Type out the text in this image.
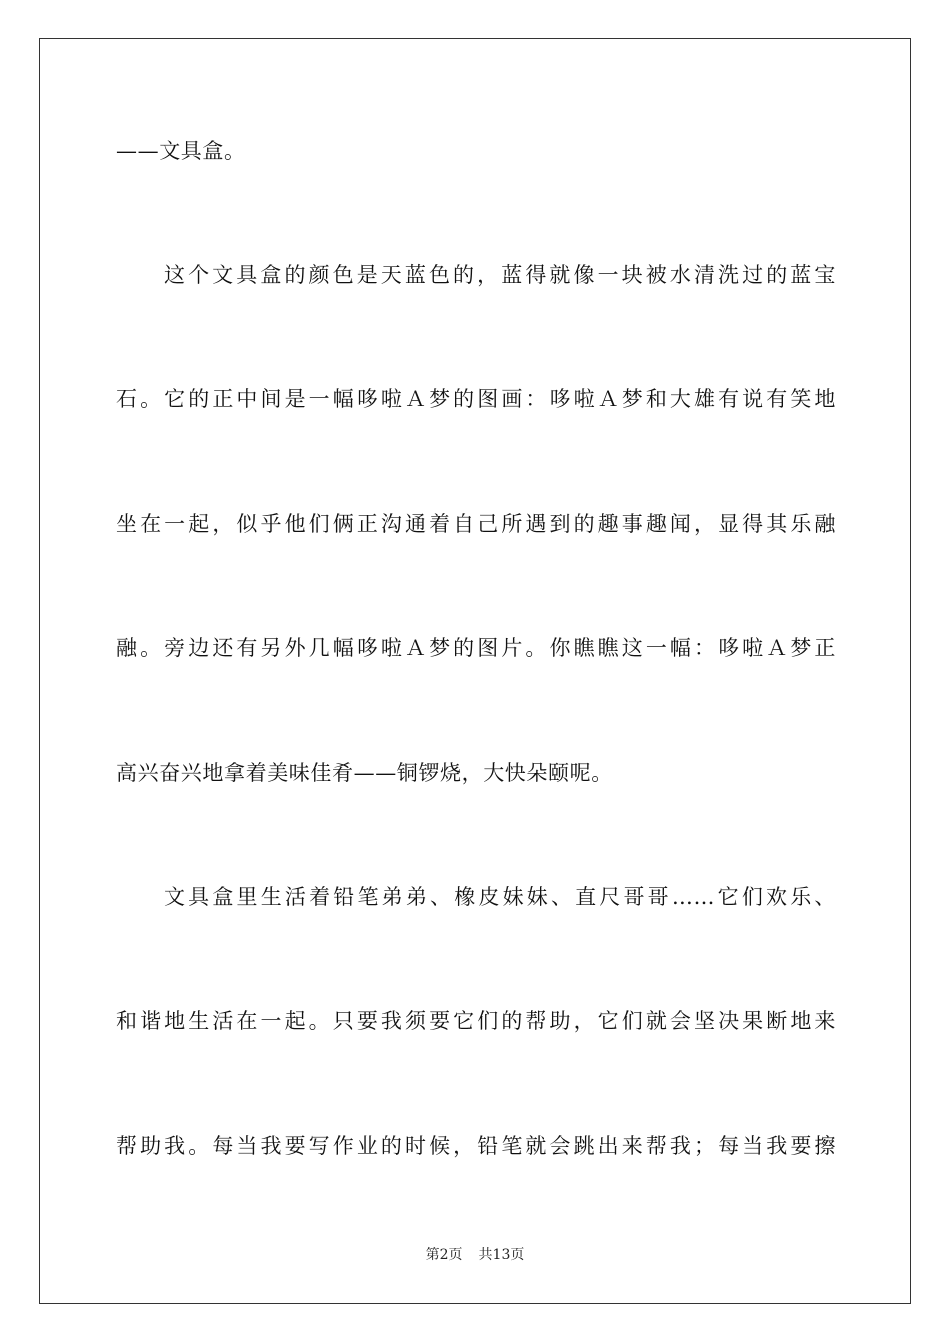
——文具盒。
这个文具盒的颜色是天蓝色的，蓝得就像一块被水清洗过的蓝宝
石。它的正中间是一幅哆啦Ａ梦的图画：哆啦Ａ梦和大雄有说有笑地
坐在一起，似乎他们俩正沟通着自己所遇到的趣事趣闻，显得其乐融
融。旁边还有另外几幅哆啦Ａ梦的图片。你瞧瞧这一幅：哆啦Ａ梦正
高兴奋兴地拿着美味佳肴——铜锣烧，大快朵颐呢。
文具盒里生活着铅笔弟弟、橡皮妹妹、直尺哥哥……它们欢乐、
和谐地生活在一起。只要我须要它们的帮助，它们就会坚决果断地来
帮助我。每当我要写作业的时候，铅笔就会跳出来帮我；每当我要擦
第2页 共13页
